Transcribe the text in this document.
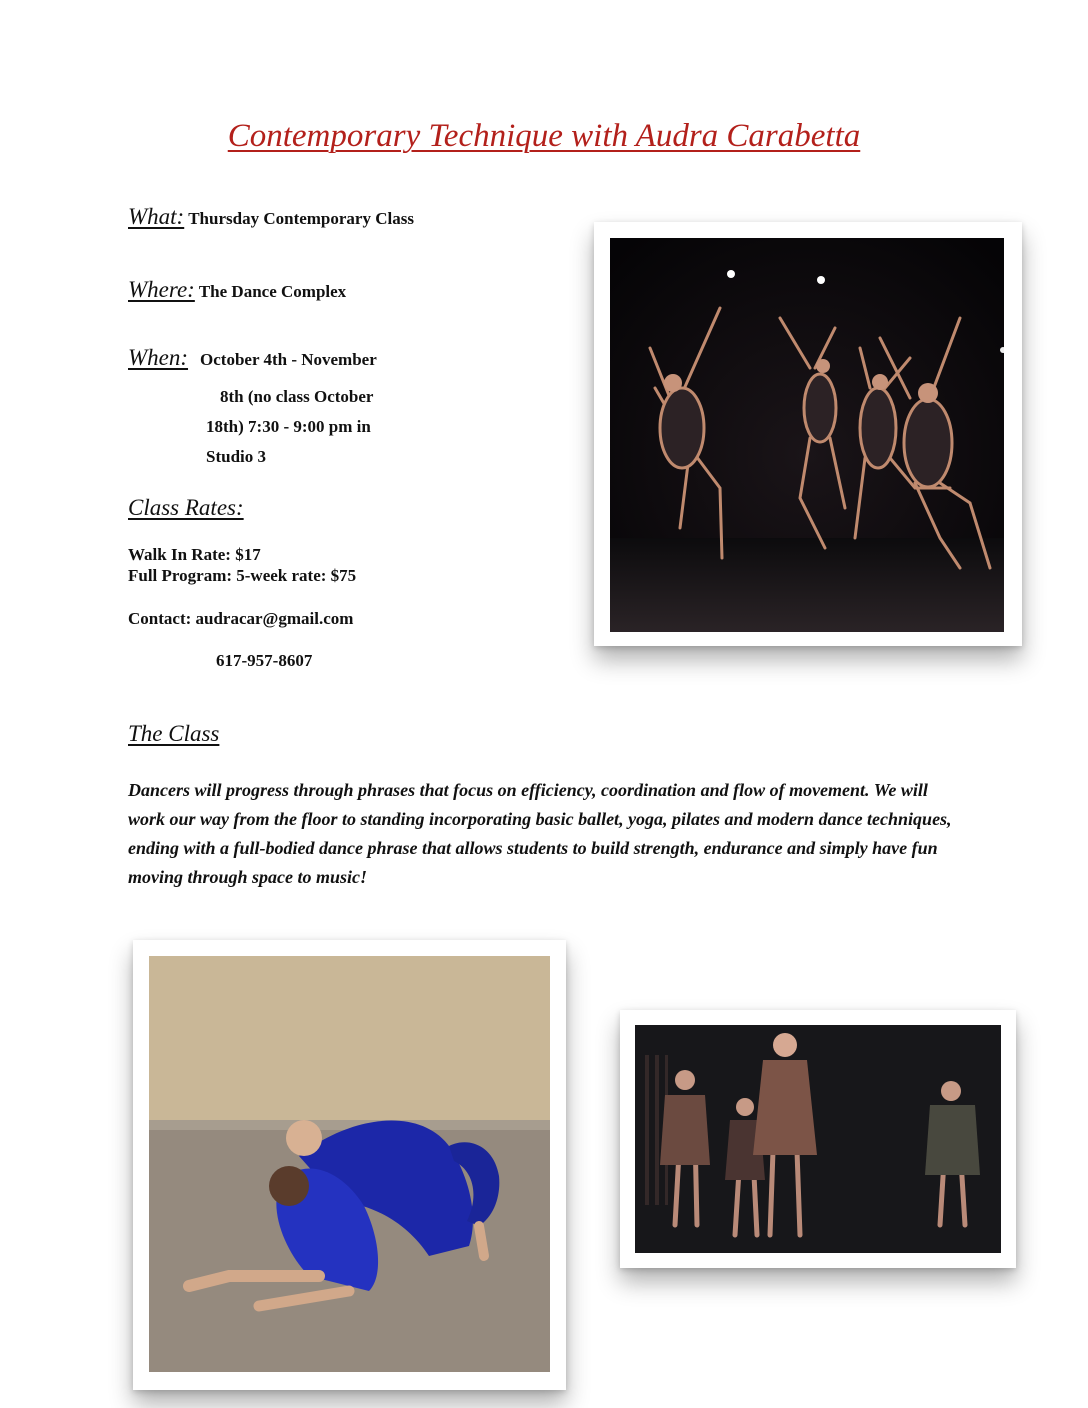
Contemporary Technique with Audra Carabetta
What: Thursday Contemporary Class
Where: The Dance Complex
When: October 4th - November
8th (no class October
18th) 7:30 - 9:00 pm in
Studio 3
Class Rates:
Walk In Rate: $17
Full Program: 5-week rate: $75
Contact: audracar@gmail.com
617-957-8607
The Class
Dancers will progress through phrases that focus on efficiency, coordination and flow of movement. We will work our way from the floor to standing incorporating basic ballet, yoga, pilates and modern dance techniques, ending with a full-bodied dance phrase that allows students to build strength, endurance and simply have fun moving through space to music!
